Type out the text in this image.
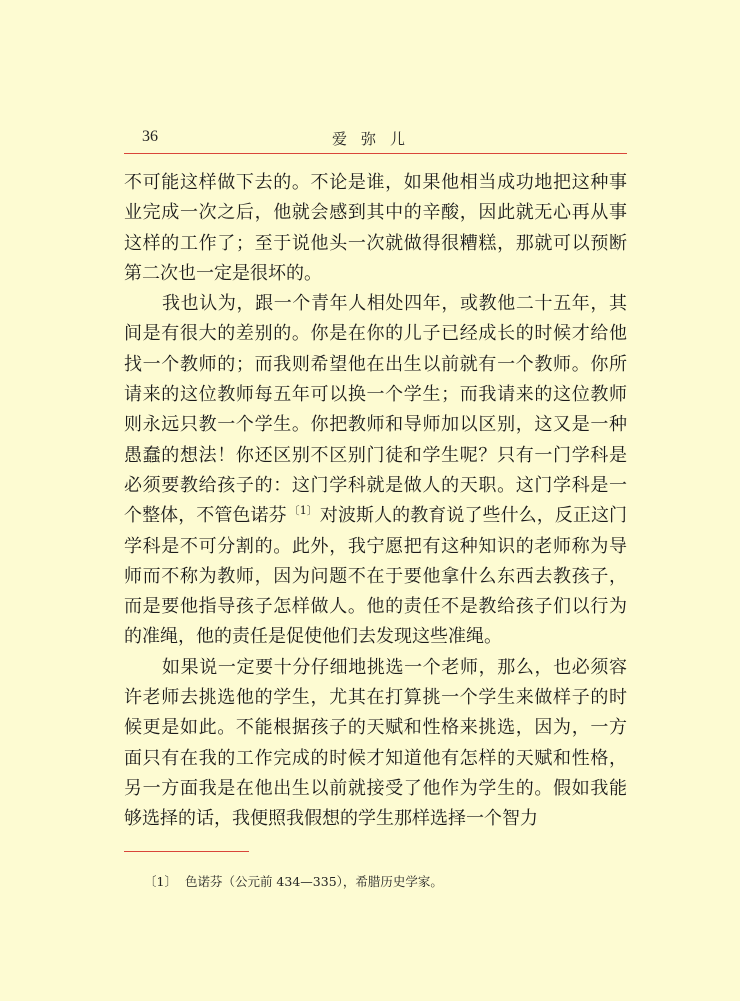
36	爱弥儿

不可能这样做下去的。不论是谁，如果他相当成功地把这种事业完成一次之后，他就会感到其中的辛酸，因此就无心再从事这样的工作了；至于说他头一次就做得很糟糕，那就可以预断第二次也一定是很坏的。

我也认为，跟一个青年人相处四年，或教他二十五年，其间是有很大的差别的。你是在你的儿子已经成长的时候才给他找一个教师的；而我则希望他在出生以前就有一个教师。你所请来的这位教师每五年可以换一个学生；而我请来的这位教师则永远只教一个学生。你把教师和导师加以区别，这又是一种愚蠢的想法！你还区别不区别门徒和学生呢？只有一门学科是必须要教给孩子的：这门学科就是做人的天职。这门学科是一个整体，不管色诺芬 $^{〔1〕}$ 对波斯人的教育说了些什么，反正这门学科是不可分割的。此外，我宁愿把有这种知识的老师称为导师而不称为教师，因为问题不在于要他拿什么东西去教孩子，而是要他指导孩子怎样做人。他的责任不是教给孩子们以行为的准绳，他的责任是促使他们去发现这些准绳。

如果说一定要十分仔细地挑选一个老师，那么，也必须容许老师去挑选他的学生，尤其在打算挑一个学生来做样子的时候更是如此。不能根据孩子的天赋和性格来挑选，因为，一方面只有在我的工作完成的时候才知道他有怎样的天赋和性格，另一方面我是在他出生以前就接受了他作为学生的。假如我能够选择的话，我便照我假想的学生那样选择一个智力

〔1〕 色诺芬（公元前 434—335），希腊历史学家。
